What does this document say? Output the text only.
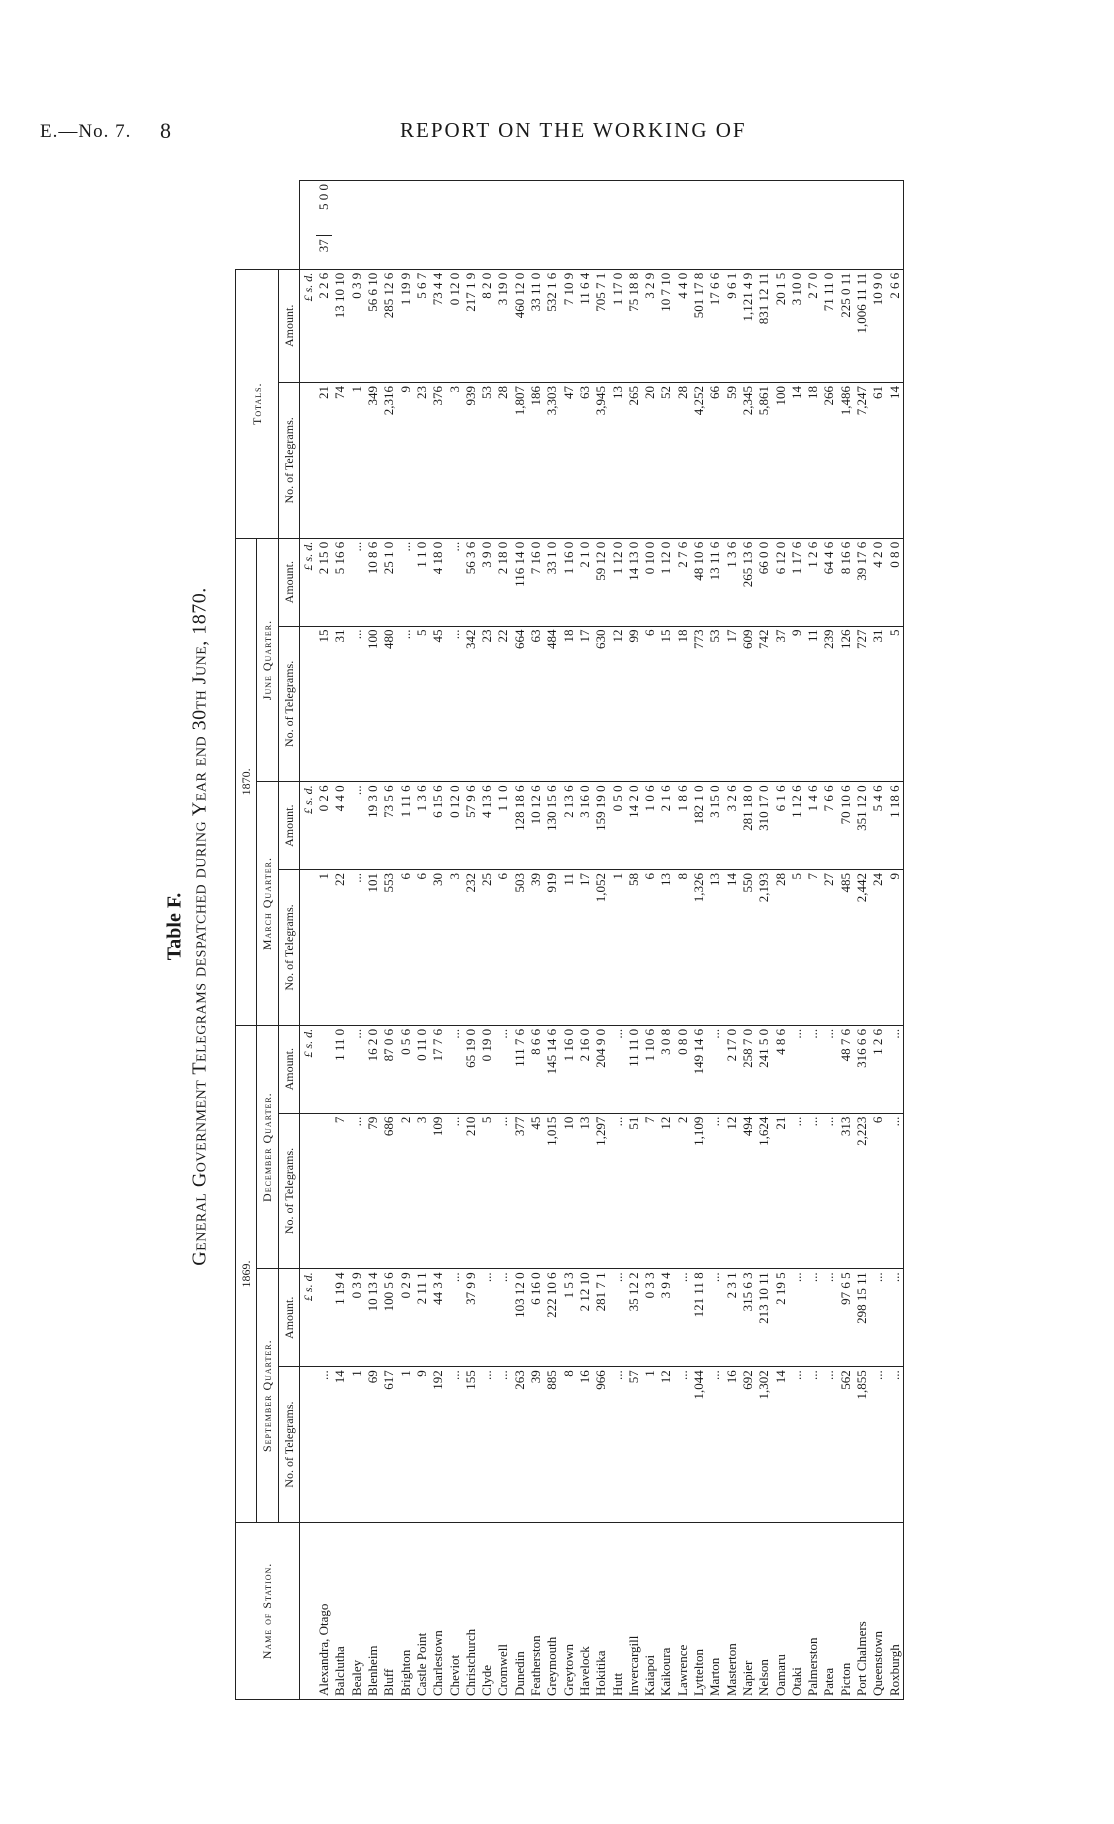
E.—No. 7. 8	REPORT ON THE WORKING OF
Table F. General Government Telegrams despatched during Year end 30th June, 1870.
Name of Station.	1869.				1870.				Totals.			
	September Quarter.		December Quarter.		March Quarter.		June Quarter.					
	No. of Telegrams.	Amount.	No. of Telegrams.	Amount.	No. of Telegrams.	Amount.	No. of Telegrams.	Amount.	No. of Telegrams.	Amount.		
		£ s. d.		£ s. d.		£ s. d.		£ s. d.		£ s. d.		
Alexandra, Otago	...				1	0 2 6	15	2 15 0	21	2 2 6	37	5 0 0
Balclutha	14	1 19 4	7	1 11 0	22	4 4 0	31	5 16 6	74	13 10 10		
Bealey	1	0 3 9	...	...	...	...	...	...	1	0 3 9		
Blenheim	69	10 13 4	79	16 2 0	101	19 3 0	100	10 8 6	349	56 6 10		
Bluff	617	100 5 6	686	87 0 6	553	73 5 6	480	25 1 0	2,316	285 12 6		
Brighton	1	0 2 9	2	0 5 6	6	1 11 6	...	...	9	1 19 9		
Castle Point	9	2 11 1	3	0 11 0	6	1 3 6	5	1 1 0	23	5 6 7		
Charlestown	192	44 3 4	109	17 7 6	30	6 15 6	45	4 18 0	376	73 4 4		
Cheviot	...	...	...	...	3	0 12 0	...	...	3	0 12 0		
Christchurch	155	37 9 9	210	65 19 0	232	57 9 6	342	56 3 6	939	217 1 9		
Clyde	...	...	5	0 19 0	25	4 13 6	23	3 9 0	53	8 2 0		
Cromwell	...	...	...	...	6	1 1 0	22	2 18 0	28	3 19 0		
Dunedin	263	103 12 0	377	111 7 6	503	128 18 6	664	116 14 0	1,807	460 12 0		
Featherston	39	6 16 0	45	8 6 6	39	10 12 6	63	7 16 0	186	33 11 0		
Greymouth	885	222 10 6	1,015	145 14 6	919	130 15 6	484	33 1 0	3,303	532 1 6		
Greytown	8	1 5 3	10	1 16 0	11	2 13 6	18	1 16 0	47	7 10 9		
Havelock	16	2 12 10	13	2 16 0	17	3 16 0	17	2 1 0	63	11 6 4		
Hokitika	966	281 7 1	1,297	204 9 0	1,052	159 19 0	630	59 12 0	3,945	705 7 1		
Hutt	...	...	...	...	1	0 5 0	12	1 12 0	13	1 17 0		
Invercargill	57	35 12 2	51	11 11 0	58	14 2 0	99	14 13 0	265	75 18 8		
Kaiapoi	1	0 3 3	7	1 10 6	6	1 0 6	6	0 10 0	20	3 2 9		
Kaikoura	12	3 9 4	12	3 0 8	13	2 1 6	15	1 12 0	52	10 7 10		
Lawrence	...	...	2	0 8 0	8	1 8 6	18	2 7 6	28	4 4 0		
Lyttelton	1,044	121 11 8	1,109	149 14 6	1,326	182 1 0	773	48 10 6	4,252	501 17 8		
Marton	...	...	...	...	13	3 15 0	53	13 11 6	66	17 6 6		
Masterton	16	2 3 1	12	2 17 0	14	3 2 6	17	1 3 6	59	9 6 1		
Napier	692	315 6 3	494	258 7 0	550	281 18 0	609	265 13 6	2,345	1,121 4 9		
Nelson	1,302	213 10 11	1,624	241 5 0	2,193	310 17 0	742	66 0 0	5,861	831 12 11		
Oamaru	14	2 19 5	21	4 8 6	28	6 1 6	37	6 12 0	100	20 1 5		
Otaki	...	...	...	...	5	1 12 6	9	1 17 6	14	3 10 0		
Palmerston	...	...	...	...	7	1 4 6	11	1 2 6	18	2 7 0		
Patea	...	...	...	...	27	7 6 6	239	64 4 6	266	71 11 0		
Picton	562	97 6 5	313	48 7 6	485	70 10 6	126	8 16 6	1,486	225 0 11		
Port Chalmers	1,855	298 15 11	2,223	316 6 6	2,442	351 12 0	727	39 17 6	7,247	1,006 11 11		
Queenstown	...	...	6	1 2 6	24	5 4 6	31	4 2 0	61	10 9 0		
Roxburgh	...	...	...	...	9	1 18 6	5	0 8 0	14	2 6 6		
